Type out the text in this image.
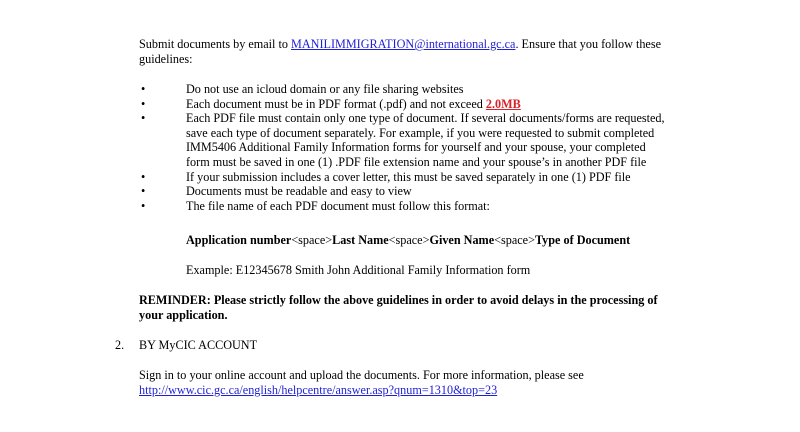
Submit documents by email to MANILIMMIGRATION@international.gc.ca. Ensure that you follow these
guidelines:
•	Do not use an icloud domain or any file sharing websites
•	Each document must be in PDF format (.pdf) and not exceed 2.0MB
•	Each PDF file must contain only one type of document. If several documents/forms are requested,
save each type of document separately. For example, if you were requested to submit completed
IMM5406 Additional Family Information forms for yourself and your spouse, your completed
form must be saved in one (1) .PDF file extension name and your spouse’s in another PDF file
•	If your submission includes a cover letter, this must be saved separately in one (1) PDF file
•	Documents must be readable and easy to view
•	The file name of each PDF document must follow this format:
Application number<space>Last Name<space>Given Name<space>Type of Document
Example: E12345678 Smith John Additional Family Information form
REMINDER: Please strictly follow the above guidelines in order to avoid delays in the processing of
your application.
2. BY MyCIC ACCOUNT
Sign in to your online account and upload the documents. For more information, please see
http://www.cic.gc.ca/english/helpcentre/answer.asp?qnum=1310&top=23
